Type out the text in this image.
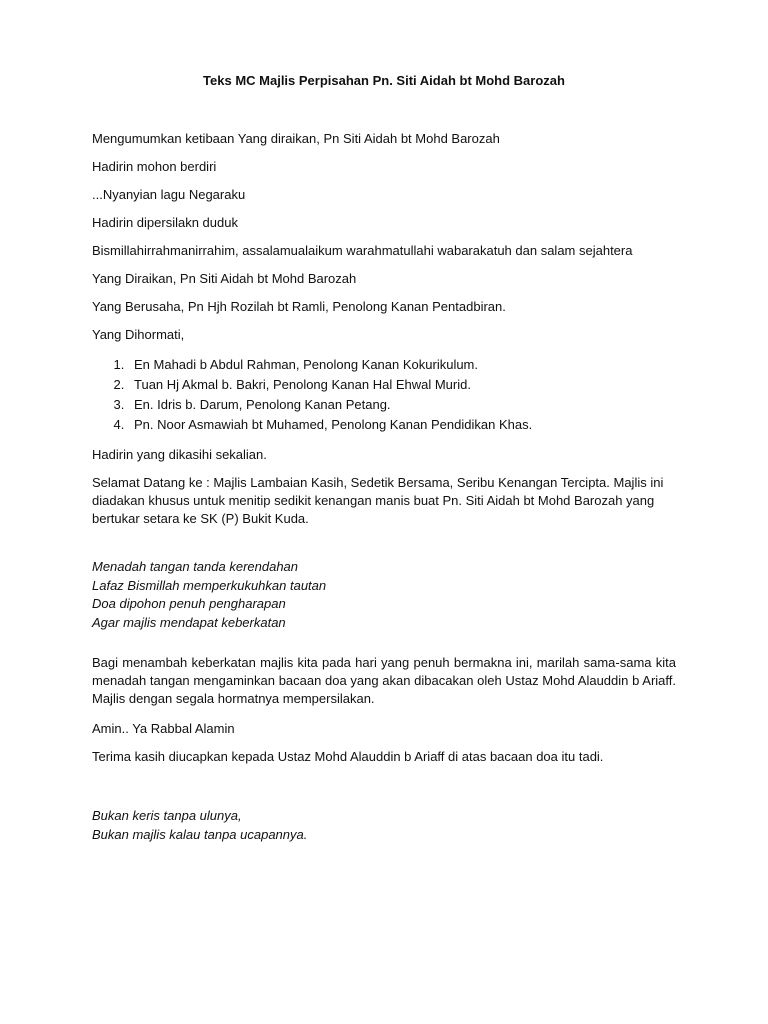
Teks MC Majlis Perpisahan Pn. Siti Aidah bt Mohd Barozah

Mengumumkan ketibaan Yang diraikan, Pn Siti Aidah bt Mohd Barozah

Hadirin mohon berdiri

...Nyanyian lagu Negaraku

Hadirin dipersilakn duduk

Bismillahirrahmanirrahim, assalamualaikum warahmatullahi wabarakatuh dan salam sejahtera

Yang Diraikan, Pn Siti Aidah bt Mohd Barozah

Yang Berusaha, Pn Hjh Rozilah bt Ramli, Penolong Kanan Pentadbiran.

Yang Dihormati,

1. En Mahadi b Abdul Rahman, Penolong Kanan Kokurikulum.
2. Tuan Hj Akmal b. Bakri, Penolong Kanan Hal Ehwal Murid.
3. En. Idris b. Darum, Penolong Kanan Petang.
4. Pn. Noor Asmawiah bt Muhamed, Penolong Kanan Pendidikan Khas.

Hadirin yang dikasihi sekalian.

Selamat Datang ke : Majlis Lambaian Kasih, Sedetik Bersama, Seribu Kenangan Tercipta. Majlis ini diadakan khusus untuk menitip sedikit kenangan manis buat Pn. Siti Aidah bt Mohd Barozah yang bertukar setara ke SK (P) Bukit Kuda.

Menadah tangan tanda kerendahan
Lafaz Bismillah memperkukuhkan tautan
Doa dipohon penuh pengharapan
Agar majlis mendapat keberkatan

Bagi menambah keberkatan majlis kita pada hari yang penuh bermakna ini, marilah sama-sama kita menadah tangan mengaminkan bacaan doa yang akan dibacakan oleh Ustaz Mohd Alauddin b Ariaff. Majlis dengan segala hormatnya mempersilakan.

Amin.. Ya Rabbal Alamin

Terima kasih diucapkan kepada Ustaz Mohd Alauddin b Ariaff di atas bacaan doa itu tadi.

Bukan keris tanpa ulunya,
Bukan majlis kalau tanpa ucapannya.
